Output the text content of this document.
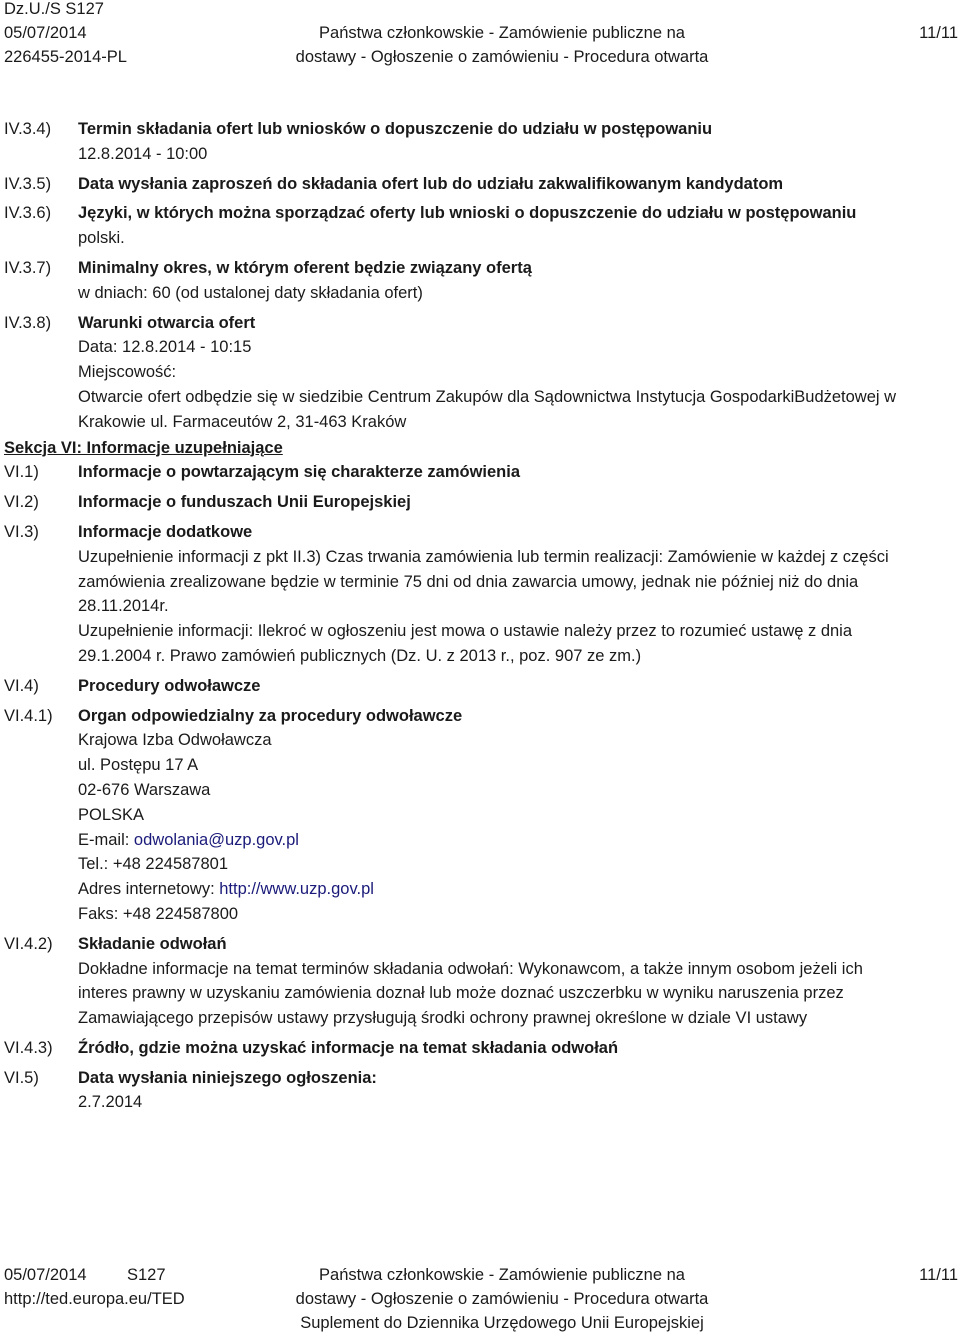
Dz.U./S S127
05/07/2014
226455-2014-PL
Państwa członkowskie - Zamówienie publiczne na
dostawy - Ogłoszenie o zamówieniu - Procedura otwarta
11/11
IV.3.4)	Termin składania ofert lub wniosków o dopuszczenie do udziału w postępowaniu
12.8.2014 - 10:00
IV.3.5)	Data wysłania zaproszeń do składania ofert lub do udziału zakwalifikowanym kandydatom
IV.3.6)	Języki, w których można sporządzać oferty lub wnioski o dopuszczenie do udziału w postępowaniu
polski.
IV.3.7)	Minimalny okres, w którym oferent będzie związany ofertą
w dniach: 60 (od ustalonej daty składania ofert)
IV.3.8)	Warunki otwarcia ofert
Data: 12.8.2014 - 10:15
Miejscowość:
Otwarcie ofert odbędzie się w siedzibie Centrum Zakupów dla Sądownictwa Instytucja GospodarkiBudżetowej w
Krakowie ul. Farmaceutów 2, 31-463 Kraków
Sekcja VI: Informacje uzupełniające
VI.1)	Informacje o powtarzającym się charakterze zamówienia
VI.2)	Informacje o funduszach Unii Europejskiej
VI.3)	Informacje dodatkowe
Uzupełnienie informacji z pkt II.3) Czas trwania zamówienia lub termin realizacji: Zamówienie w każdej z części
zamówienia zrealizowane będzie w terminie 75 dni od dnia zawarcia umowy, jednak nie później niż do dnia
28.11.2014r.
Uzupełnienie informacji: Ilekroć w ogłoszeniu jest mowa o ustawie należy przez to rozumieć ustawę z dnia
29.1.2004 r. Prawo zamówień publicznych (Dz. U. z 2013 r., poz. 907 ze zm.)
VI.4)	Procedury odwoławcze
VI.4.1)	Organ odpowiedzialny za procedury odwoławcze
Krajowa Izba Odwoławcza
ul. Postępu 17 A
02-676 Warszawa
POLSKA
E-mail: odwolania@uzp.gov.pl
Tel.: +48 224587801
Adres internetowy: http://www.uzp.gov.pl
Faks: +48 224587800
VI.4.2)	Składanie odwołań
Dokładne informacje na temat terminów składania odwołań: Wykonawcom, a także innym osobom jeżeli ich
interes prawny w uzyskaniu zamówienia doznał lub może doznać uszczerbku w wyniku naruszenia przez
Zamawiającego przepisów ustawy przysługują środki ochrony prawnej określone w dziale VI ustawy
VI.4.3)	Źródło, gdzie można uzyskać informacje na temat składania odwołań
VI.5)	Data wysłania niniejszego ogłoszenia:
2.7.2014
05/07/2014 S127
http://ted.europa.eu/TED
Państwa członkowskie - Zamówienie publiczne na
dostawy - Ogłoszenie o zamówieniu - Procedura otwarta
Suplement do Dziennika Urzędowego Unii Europejskiej
11/11
